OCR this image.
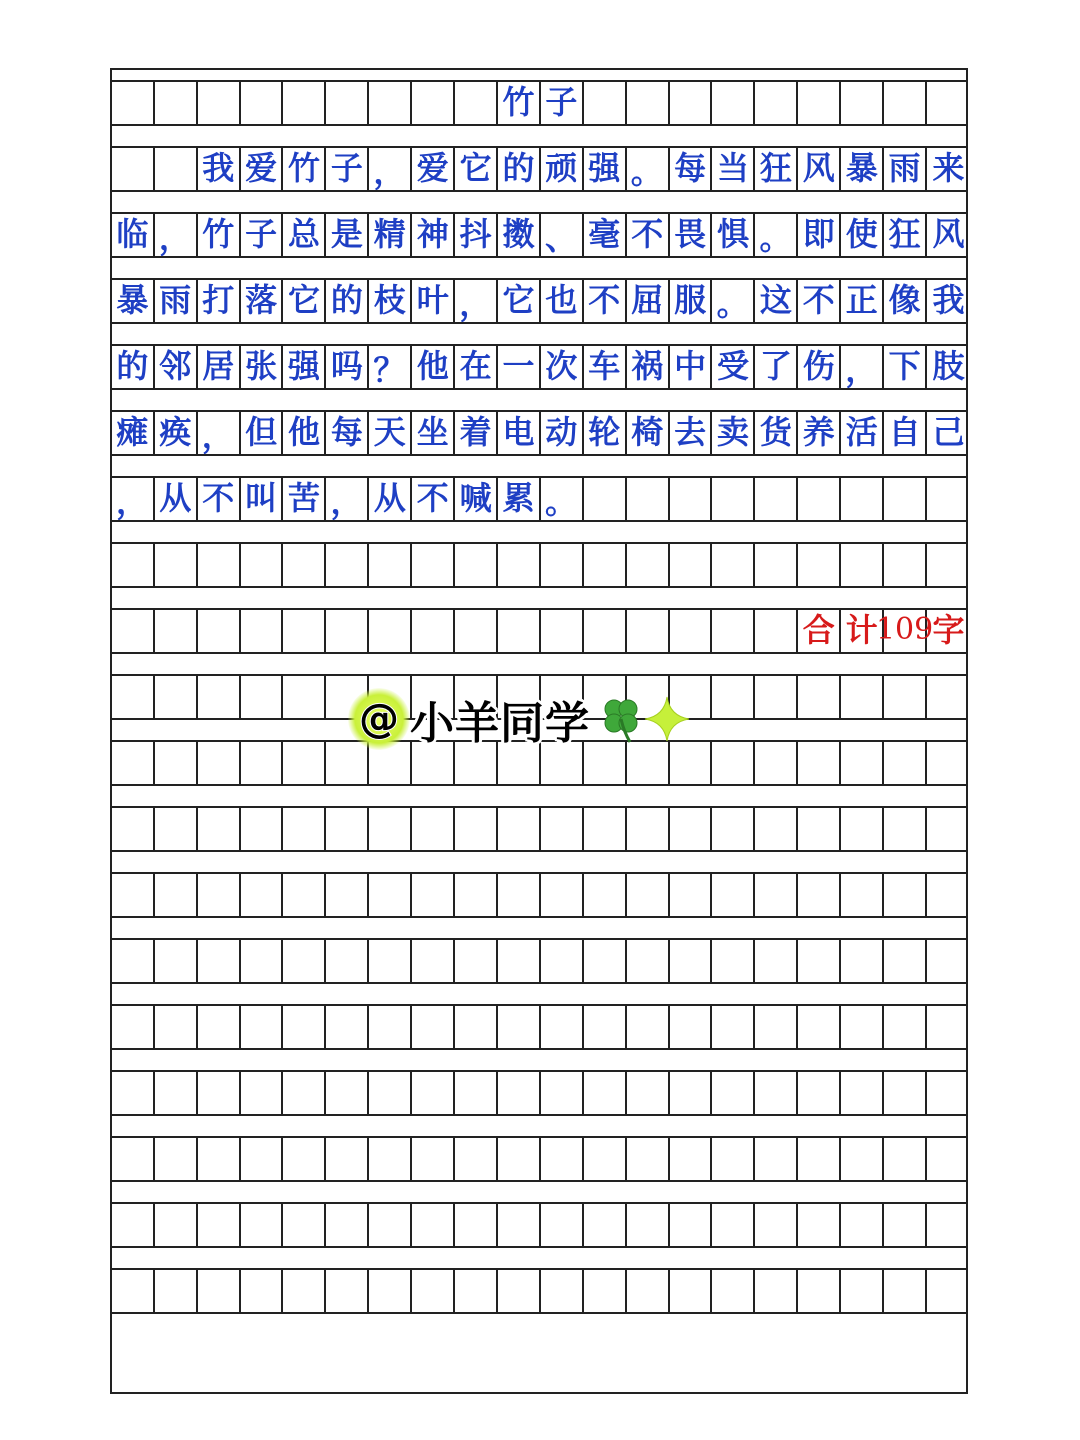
竹 子
我 爱 竹 子 ， 爱 它 的 顽 强 。 每 当 狂 风 暴 雨 来
临 ， 竹 子 总 是 精 神 抖 擞 、 毫 不 畏 惧 。 即 使 狂 风
暴 雨 打 落 它 的 枝 叶 ， 它 也 不 屈 服 。 这 不 正 像 我
的 邻 居 张 强 吗 ？ 他 在 一 次 车 祸 中 受 了 伤 ， 下 肢
瘫 痪 ， 但 他 每 天 坐 着 电 动 轮 椅 去 卖 货 养 活 自 己
， 从 不 叫 苦 ， 从 不 喊 累 。
合 计
109 字
@ 小羊同学
